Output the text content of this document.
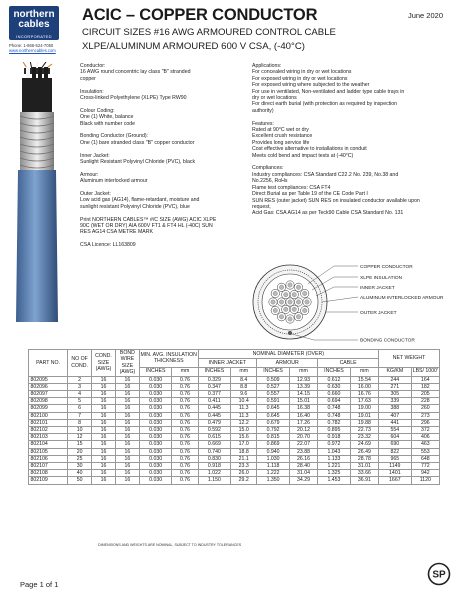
northern
cables
INCORPORATED
Phone: 1-866-524-7050
www.northerncables.com
ACIC – COPPER CONDUCTOR	June 2020
CIRCUIT SIZES #16 AWG ARMOURED CONTROL CABLE
XLPE/ALUMINUM ARMOURED 600 V CSA, (-40°C)
Conductor:
16 AWG round concentric lay class "B" stranded
copper
Insulation:
Cross-linked Polyethylene (XLPE) Type RW90
Colour Coding:
One (1) White, balance
Black with number code
Bonding Conductor (Ground):
One (1) bare stranded class "B" copper conductor
Inner Jacket:
Sunlight Resistant Polyvinyl Chloride (PVC), black
Armour:
Aluminum interlocked armour
Outer Jacket:
Low acid gas (AG14), flame-retardant, moisture and
sunlight resistant Polyvinyl Chloride (PVC), blue
Print NORTHERN CABLES™ #/C SIZE (AWG) ACIC XLPE
90C (WET OR DRY) AIA 600V FT1 & FT4 HL (-40C) SUN
RES AG14 CSA METRE MARK
CSA Licence: LL163809
Applications:
For concealed wiring in dry or wet locations
For exposed wiring in dry or wet locations
For exposed wiring where subjected to the weather
For use in ventilated, Non-ventilated and ladder type cable trays in
dry or wet locations
For direct earth burial (with protection as required by inspection
authority)
Features:
Rated at 90°C wet or dry
Excellent crush resistance
Provides long service life
Cost effective alternative to installations in conduit
Meets cold bend and impact tests at (-40°C)
Compliances:
Industry compliances: CSA Standard C22.2 No. 239, No.38 and
No.2256, RoHs
Flame test compliances: CSA FT4
Direct Burial as per Table 19 of the CE Code Part I
SUN RES (outer jacket) SUN RES on insulated conductor available upon
request,
Acid Gas: CSA AG14 as per Teck90 Cable CSA Standard No. 131
COPPER CONDUCTOR
XLPE INSULATION
INNER JACKET
ALUMINUM INTERLOCKED ARMOUR
OUTER JACKET
BONDING CONDUCTOR
PART NO.	NO OF COND.	COND. SIZE (AWG)	BOND WIRE SIZE (AWG)	MIN. AVG. INSULATION THICKNESS		NOMINAL DIAMETER (OVER)						NET WEIGHT	
						INNER JACKET		ARMOUR		CABLE			
				INCHES	mm	INCHES	mm	INCHES	mm	INCHES	mm	KG/KM	LBS/ 1000'
802095	2	16	16	0.030	0.76	0.329	8.4	0.509	12.93	0.612	15.54	244	164
802096	3	16	16	0.030	0.76	0.347	8.8	0.527	13.39	0.630	16.00	271	182
802097	4	16	16	0.030	0.76	0.377	9.6	0.557	14.15	0.660	16.76	305	205
802098	5	16	16	0.030	0.76	0.411	10.4	0.591	15.01	0.694	17.63	339	228
802099	6	16	16	0.030	0.76	0.445	11.3	0.645	16.38	0.748	19.00	388	260
802100	7	16	16	0.030	0.76	0.445	11.3	0.645	16.40	0.748	19.01	407	273
802101	8	16	16	0.030	0.76	0.479	12.2	0.679	17.26	0.782	19.88	441	296
802102	10	16	16	0.030	0.76	0.592	15.0	0.792	20.12	0.895	22.73	554	372
802103	12	16	16	0.030	0.76	0.615	15.6	0.815	20.70	0.918	23.32	604	406
802104	15	16	16	0.030	0.76	0.669	17.0	0.869	22.07	0.972	24.69	690	463
802105	20	16	16	0.030	0.76	0.740	18.8	0.940	23.88	1.043	26.49	822	553
802106	25	16	16	0.030	0.76	0.830	21.1	1.030	26.16	1.133	28.78	965	648
802107	30	16	16	0.030	0.76	0.918	23.3	1.118	28.40	1.221	31.01	1149	772
802108	40	16	16	0.030	0.76	1.022	26.0	1.222	31.04	1.325	33.66	1401	942
802109	50	16	16	0.030	0.76	1.150	29.2	1.350	34.29	1.453	36.91	1667	1120
DIMENSIONS AND WEIGHTS ARE NOMINAL, SUBJECT TO INDUSTRY TOLERANCES
Page 1 of 1
SP
